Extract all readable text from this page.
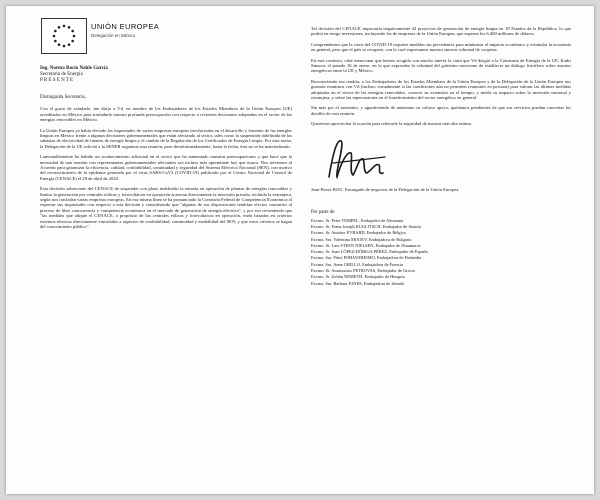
UNIÓN EUROPEA
Delegación en México
Ing. Norma Rocío Nahle García
Secretaria de Energía
P R E S E N T E
Distinguida Secretaria,

Con el gusto de saludarle, me dirijo a Vd. en nombre de los Embajadores de los Estados Miembros de la Unión Europea (UE) acreditados en México para trasladarle nuestra profunda preocupación con respecto a recientes decisiones adoptadas en el sector de las energías renovables en México.

La Unión Europea ya había elevado las inquietudes de varias empresas europeas involucradas en el desarrollo y fomento de las energías limpias en México frente a algunas decisiones gubernamentales que están afectando al sector, tales como la suspensión indefinida de las subastas de electricidad de fuentes de energía limpia y el cambio de la Regulación de los Certificados de Energía Limpia. Por esta razón, la Delegación de la UE solicitó a la SENER organizar una reunión, pero desafortunadamente, hasta la fecha, ésta no se ha materializado.

Lamentablemente ha habido un acontecimiento adicional en el sector que ha aumentado nuestras preocupaciones y que hace que la necesidad de una reunión con representantes gubernamentales relevantes sea incluso más apremiante hoy que nunca. Nos referimos al Acuerdo para garantizar la eficiencia, calidad, confiabilidad, continuidad y seguridad del Sistema Eléctrico Nacional (SEN), con motivo del reconocimiento de la epidemia generada por el virus SARS-CoV2 (COVID-19) publicado por el Centro Nacional de Control de Energía (CENACE) el 29 de abril de 2020.

Esta decisión sobreviene del CENACE de suspender con plazo indefinido la entrada en operación de plantas de energías renovables y limitar la generación por centrales eólicas y fotovoltaicas en operación acarrean directamente la inversión privada, incluida la extranjera, según nos trasladan varias empresas europeas. En esa misma línea se ha pronunciado la Comisión Federal de Competencia Económica al expresar sus inquietudes con respecto a esta decisión y considerando que "algunas de sus disposiciones tendrían efectos contrarios al proceso de libre concurrencia y competencia económica en el mercado de generación de energía eléctrica", y por eso recomienda que "las medidas que adopte el CENACE, a propósito de las centrales eólicas y fotovoltaicas en operación, estén basadas en criterios externos técnicos directamente vinculados a aspectos de confiabilidad, continuidad y estabilidad del SEN, y que estos criterios se hagan del conocimiento público".

Tal decisión del CENACE impactaría negativamente 44 proyectos de generación de energía limpia en 18 Estados de la República, lo que podría en riesgo inversiones, incluyendo las de empresas de la Unión Europea, que superan los 6,400 millones de dólares.

Comprendemos que la crisis del COVID-19 requiere medidas sin precedentes para minimizar el impacto económico y estimular la economía en general, pero que el país se recupere, con lo cual expresamos nuestra sincera voluntad de cooperar.

En este contexto, cabe mencionar que hemos acogido con mucho interés la carta que Vd dirigió a la Comisaria de Energía de la UE, Kadri Simson, el pasado 16 de enero, en la que expresaba la voluntad del gobierno mexicano de establecer un diálogo fructífero sobre asuntos energéticos entre la UE y México.

Reconociendo eso tendría, a los Embajadores de los Estados Miembros de la Unión Europea y de la Delegación de la Unión Europea nos gustaría reunirnos con Vd (incluso virtualmente si las condiciones aún no permiten reuniones en persona) para valorar las últimas medidas adoptadas en el sector de las energías renovables, conocer su extensión en el tiempo, y medir su impacto sobre la inversión nacional y extranjera, y sobre las repercusiones en el fortalecimiento del sector energético en general.

Sin más por el momento, y agradeciendo de antemano su valioso apoyo, quedamos pendientes de que sus servicios puedan concertar los detalles de esta reunión.

Queremos aprovechar la ocasión para reiterarle la seguridad de nuestra más alta estima.

Jean-Pierre BOU, Encargado de negocios de la Delegación de la Unión Europea
Por parte de:
Excmo. Sr. Peter TEMPEL, Embajador de Alemania
Excmo. Sr. Franz Joseph KUGLITSCH, Embajador de Austria
Excmo. Sr. Antoine EVRARD, Embajador de Bélgica
Excma. Sra. Valentina MOOEV, Embajadora de Bulgaria
Excmo. Sr. Lars STEEN NIELSEN, Embajador de Dinamarca
Excmo. Sr. Juan LÓPEZ-DÓRIGA PÉREZ, Embajador de España
Excma. Sra. Päivi POHJANHEIMO, Embajadora de Finlandia
Excma. Sra. Anne GRILLO, Embajadora de Francia
Excmo. Sr. Anastassios PETROVAS, Embajador de Grecia
Excmo. Sr. Zoltán NEMETH, Embajador de Hungría
Excma. Sra. Barbara JONES, Embajadora de Irlanda
